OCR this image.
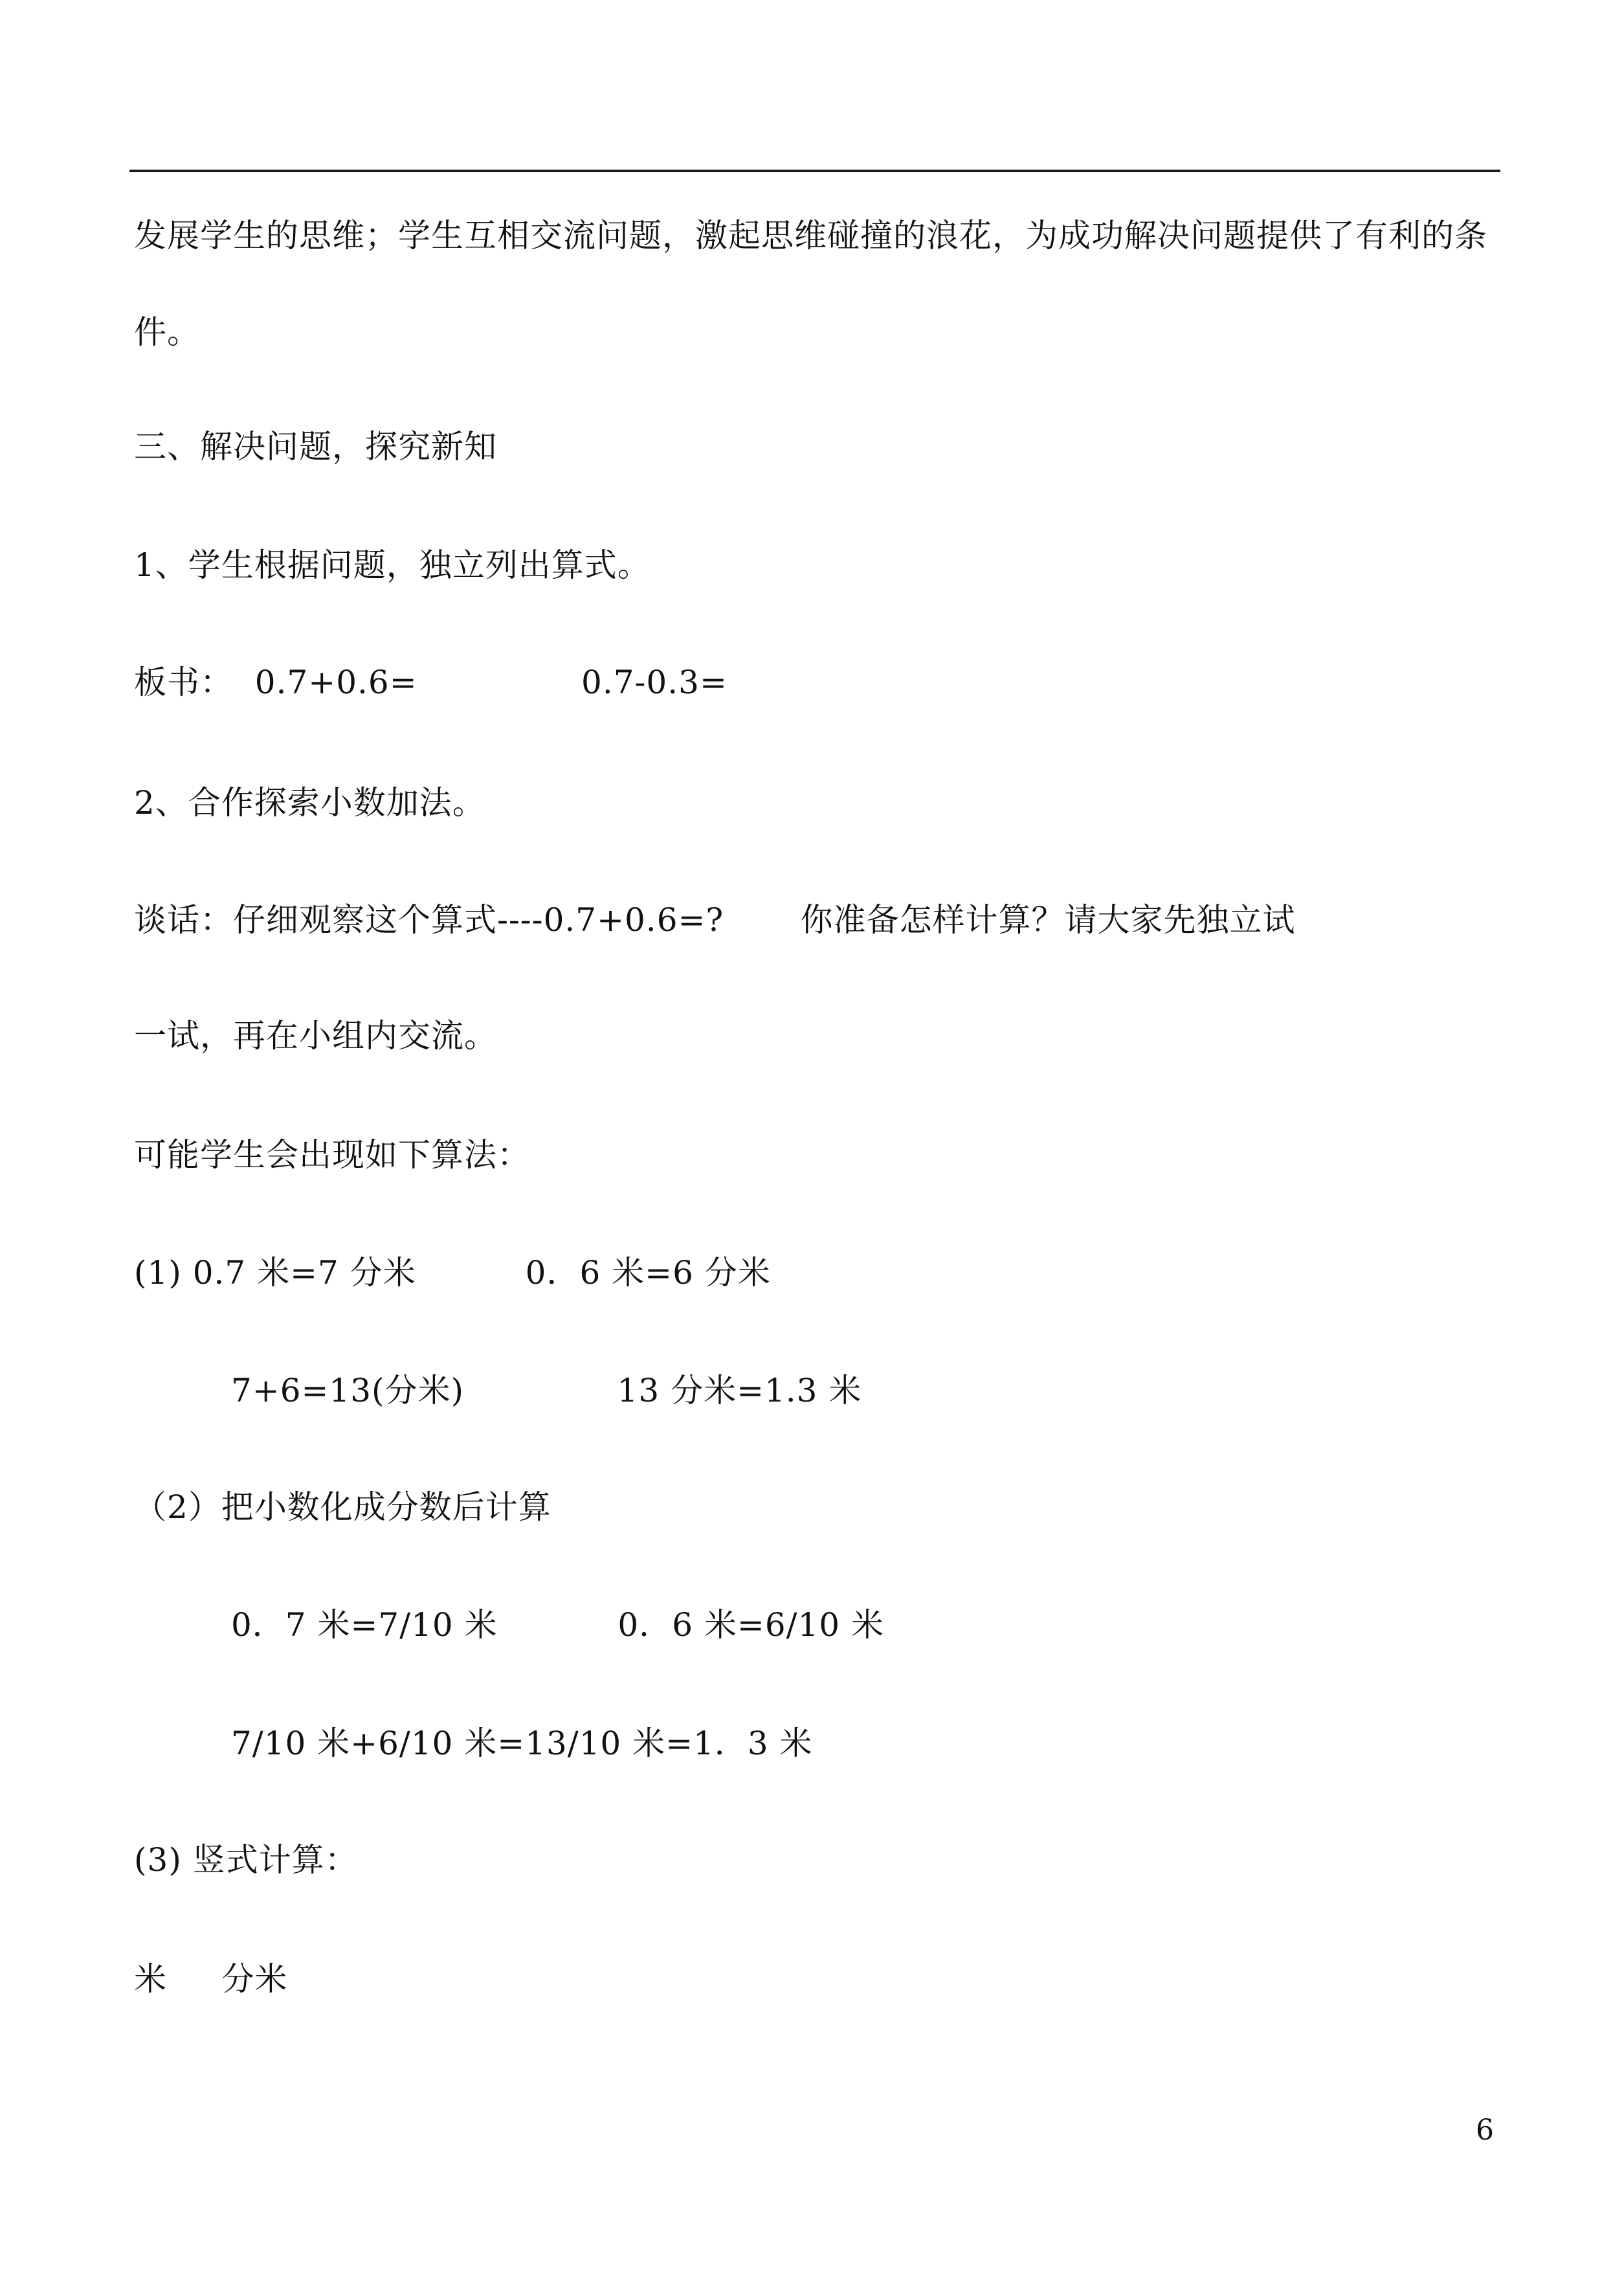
发展学生的思维；学生互相交流问题，激起思维碰撞的浪花，为成功解决问题提供了有利的条
件。
三、解决问题，探究新知
1、学生根据问题，独立列出算式。
板书：  0.7+0.6=               0.7-0.3=
2、合作探索小数加法。
谈话：仔细观察这个算式----0.7+0.6=?       你准备怎样计算？请大家先独立试
一试，再在小组内交流。
可能学生会出现如下算法：
(1) 0.7 米=7 分米          0．6 米=6 分米
7+6=13(分米)              13 分米=1.3 米
（2）把小数化成分数后计算
0．7 米=7/10 米           0．6 米=6/10 米
7/10 米+6/10 米=13/10 米=1．3 米
(3) 竖式计算：
米     分米
6
